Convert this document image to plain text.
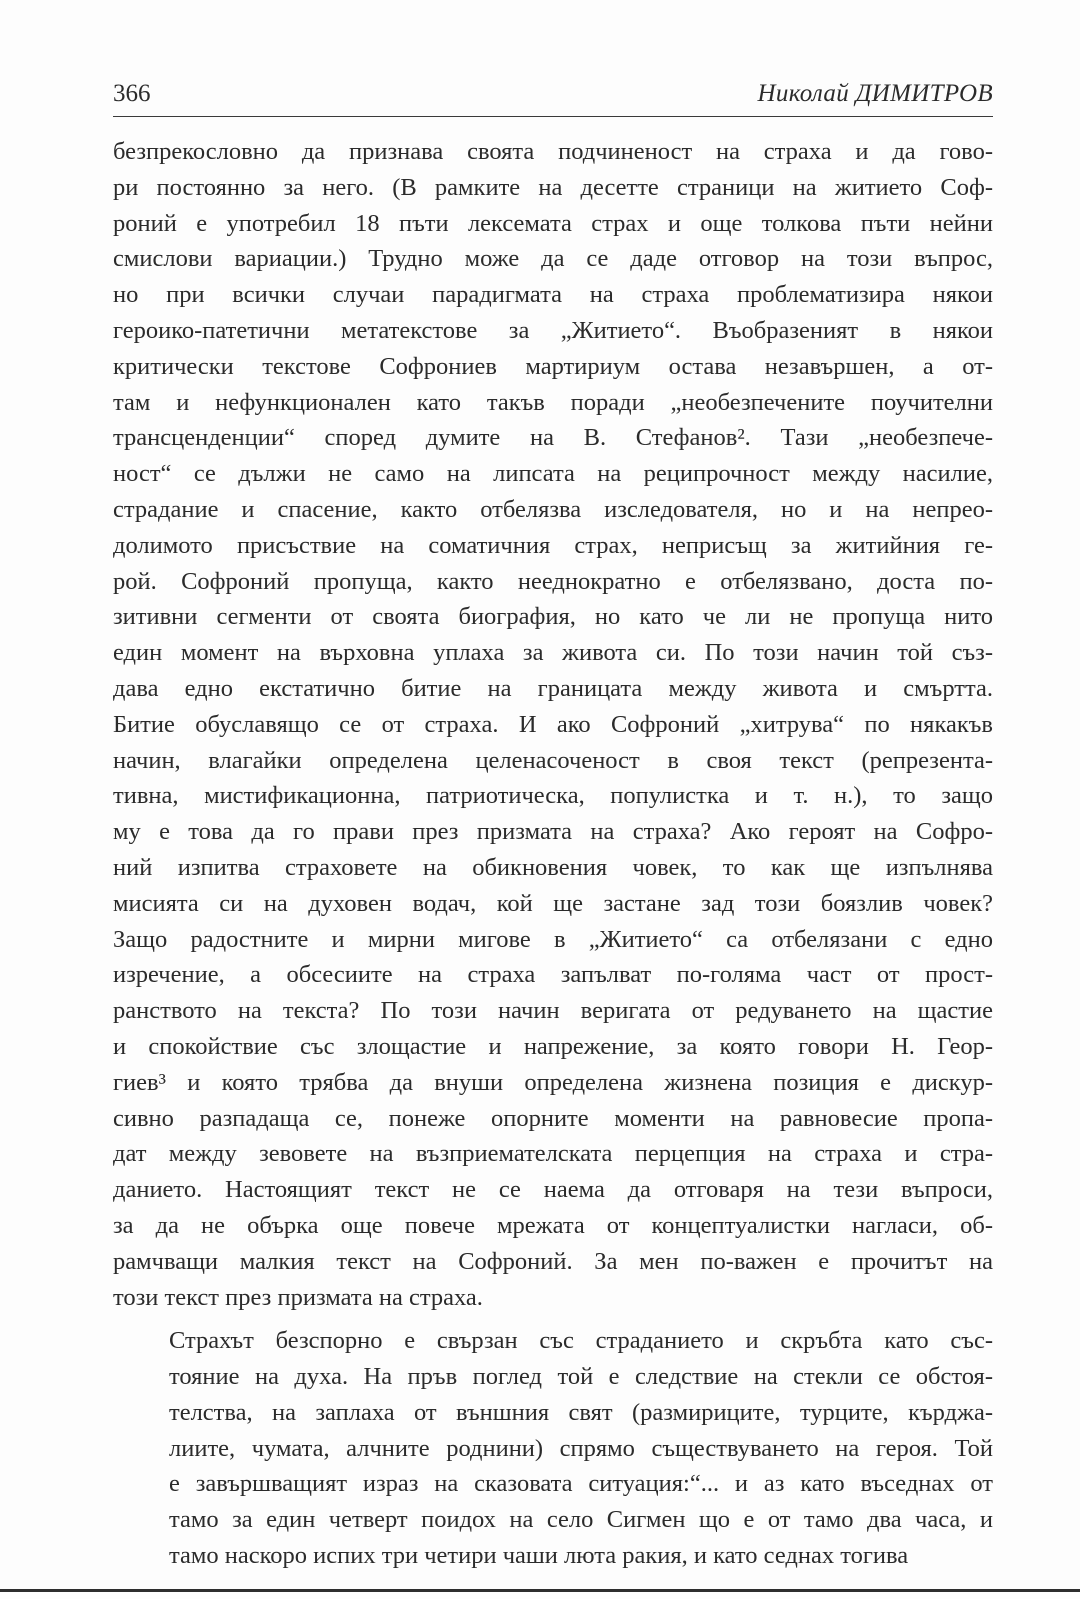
366	Николай ДИМИТРОВ

безпрекословно да признава своята подчиненост на страха и да гово-
ри постоянно за него. (В рамките на десетте страници на житието Соф-
роний е употребил 18 пъти лексемата страх и още толкова пъти нейни
смислови вариации.) Трудно може да се даде отговор на този въпрос,
но при всички случаи парадигмата на страха проблематизира някои
героико-патетични метатекстове за „Житието“. Въобразеният в някои
критически текстове Софрониев мартириум остава незавършен, а от-
там и нефункционален като такъв поради „необезпечените поучителни
трансценденции“ според думите на В. Стефанов². Тази „необезпече-
ност“ се дължи не само на липсата на реципрочност между насилие,
страдание и спасение, както отбелязва изследователя, но и на непрео-
долимото присъствие на соматичния страх, неприсъщ за житийния ге-
рой. Софроний пропуща, както нееднократно е отбелязвано, доста по-
зитивни сегменти от своята биография, но като че ли не пропуща нито
един момент на върховна уплаха за живота си. По този начин той съз-
дава едно екстатично битие на границата между живота и смъртта.
Битие обуславящо се от страха. И ако Софроний „хитрува“ по някакъв
начин, влагайки определена целенасоченост в своя текст (репрезента-
тивна, мистификационна, патриотическа, популистка и т. н.), то защо
му е това да го прави през призмата на страха? Ако героят на Софро-
ний изпитва страховете на обикновения човек, то как ще изпълнява
мисията си на духовен водач, кой ще застане зад този боязлив човек?
Защо радостните и мирни мигове в „Житието“ са отбелязани с едно
изречение, а обсесиите на страха запълват по-голяма част от прост-
ранството на текста? По този начин веригата от редуването на щастие
и спокойствие със злощастие и напрежение, за която говори Н. Геор-
гиев³ и която трябва да внуши определена жизнена позиция е дискур-
сивно разпадаща се, понеже опорните моменти на равновесие пропа-
дат между зевовете на възприемателската перцепция на страха и стра-
данието. Настоящият текст не се наема да отговаря на тези въпроси,
за да не обърка още повече мрежата от концептуалистки нагласи, об-
рамчващи малкия текст на Софроний. За мен по-важен е прочитът на
този текст през призмата на страха.

Страхът безспорно е свързан със страданието и скръбта като със-
тояние на духа. На пръв поглед той е следствие на стекли се обстоя-
телства, на заплаха от външния свят (размириците, турците, кърджа-
лиите, чумата, алчните роднини) спрямо съществуването на героя. Той
е завършващият израз на сказовата ситуация:“... и аз като въседнах от
тамо за един четверт поидох на село Сигмен що е от тамо два часа, и
тамо наскоро испих три четири чаши люта ракия, и като седнах тогива
